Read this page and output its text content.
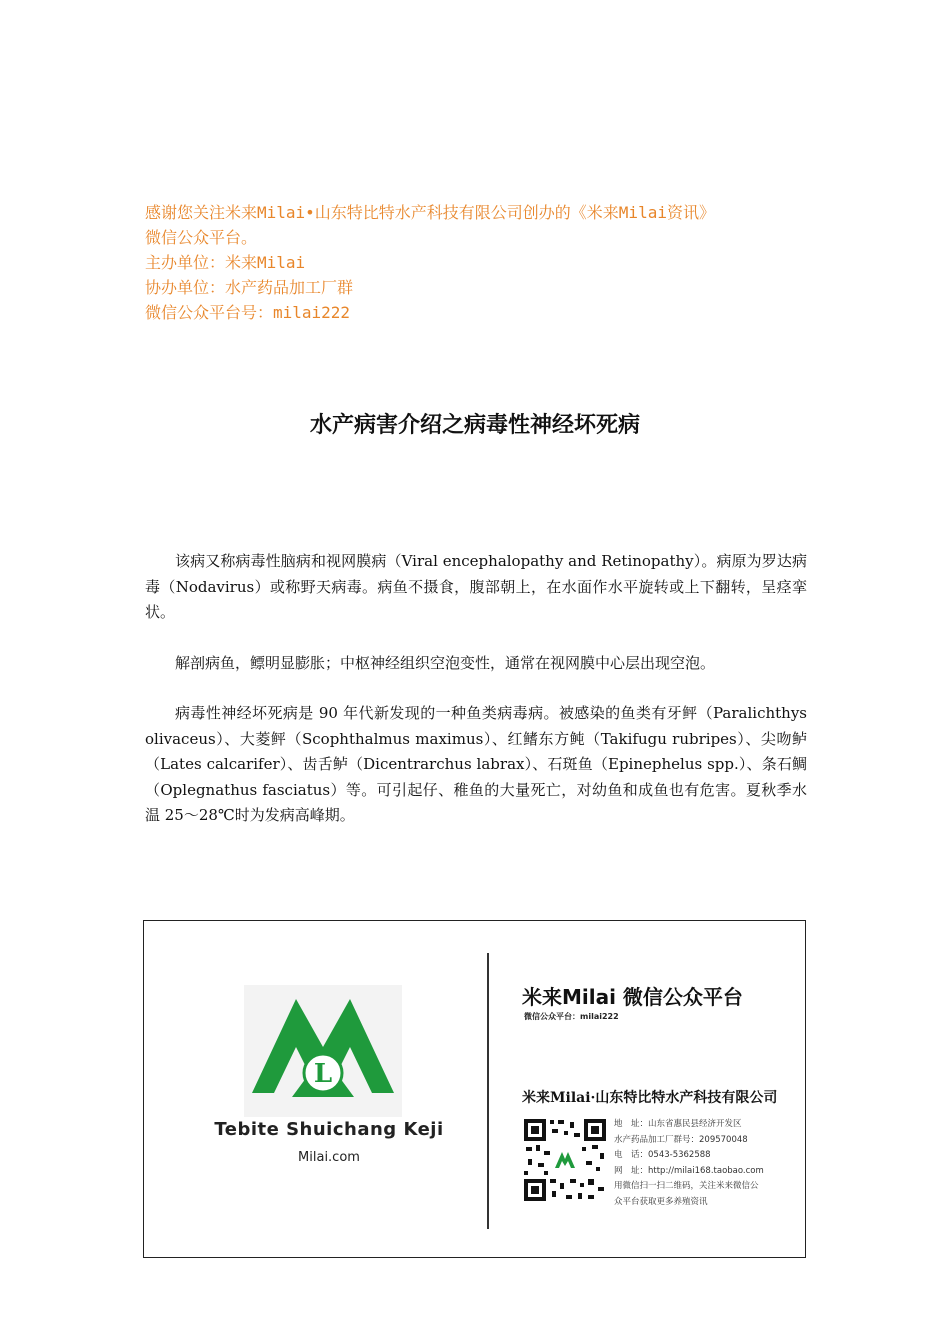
感谢您关注米来Milai•山东特比特水产科技有限公司创办的《米来Milai资讯》
微信公众平台。
主办单位：米来Milai
协办单位：水产药品加工厂群
微信公众平台号：milai222
水产病害介绍之病毒性神经坏死病

该病又称病毒性脑病和视网膜病（Viral encephalopathy and Retinopathy）。病原为罗达病毒（Nodavirus）或称野天病毒。病鱼不摄食，腹部朝上，在水面作水平旋转或上下翻转，呈痉挛状。

解剖病鱼，鳔明显膨胀；中枢神经组织空泡变性，通常在视网膜中心层出现空泡。

病毒性神经坏死病是 90 年代新发现的一种鱼类病毒病。被感染的鱼类有牙鲆（Paralichthys olivaceus）、大菱鲆（Scophthalmus maximus）、红鳍东方鲀（Takifugu rubripes）、尖吻鲈（Lates calcarifer）、齿舌鲈（Dicentrarchus labrax）、石斑鱼（Epinephelus spp.）、条石鲷（Oplegnathus fasciatus）等。可引起仔、稚鱼的大量死亡，对幼鱼和成鱼也有危害。夏秋季水温 25～28℃时为发病高峰期。

L
Tebite Shuichang Keji
Milai.com
米来Milai 微信公众平台
微信公众平台：milai222
米来Milai·山东特比特水产科技有限公司
地　址：山东省惠民县经济开发区
水产药品加工厂群号：209570048
电　话：0543-5362588
网　址：http://milai168.taobao.com
用微信扫一扫二维码，关注米来微信公
众平台获取更多养殖资讯
